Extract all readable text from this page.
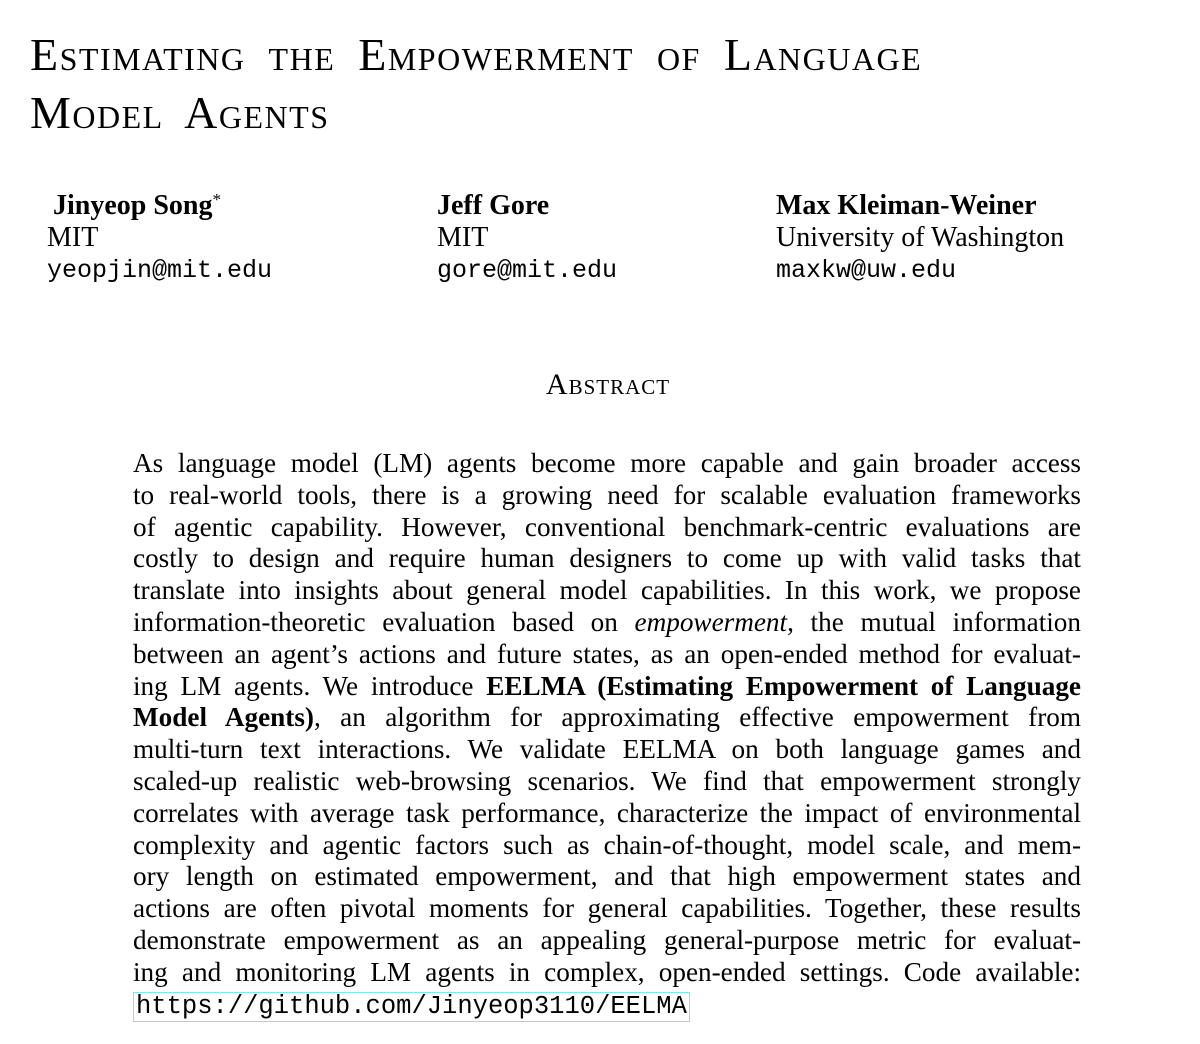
Estimating the Empowerment of Language
Model Agents
Jinyeop Song*
MIT
yeopjin@mit.edu
Jeff Gore
MIT
gore@mit.edu
Max Kleiman-Weiner
University of Washington
maxkw@uw.edu
Abstract
As language model (LM) agents become more capable and gain broader access
to real-world tools, there is a growing need for scalable evaluation frameworks
of agentic capability. However, conventional benchmark-centric evaluations are
costly to design and require human designers to come up with valid tasks that
translate into insights about general model capabilities. In this work, we propose
information-theoretic evaluation based on empowerment, the mutual information
between an agent’s actions and future states, as an open-ended method for evaluat-
ing LM agents. We introduce EELMA (Estimating Empowerment of Language
Model Agents), an algorithm for approximating effective empowerment from
multi-turn text interactions. We validate EELMA on both language games and
scaled-up realistic web-browsing scenarios. We find that empowerment strongly
correlates with average task performance, characterize the impact of environmental
complexity and agentic factors such as chain-of-thought, model scale, and mem-
ory length on estimated empowerment, and that high empowerment states and
actions are often pivotal moments for general capabilities. Together, these results
demonstrate empowerment as an appealing general-purpose metric for evaluat-
ing and monitoring LM agents in complex, open-ended settings. Code available:
https://github.com/Jinyeop3110/EELMA
